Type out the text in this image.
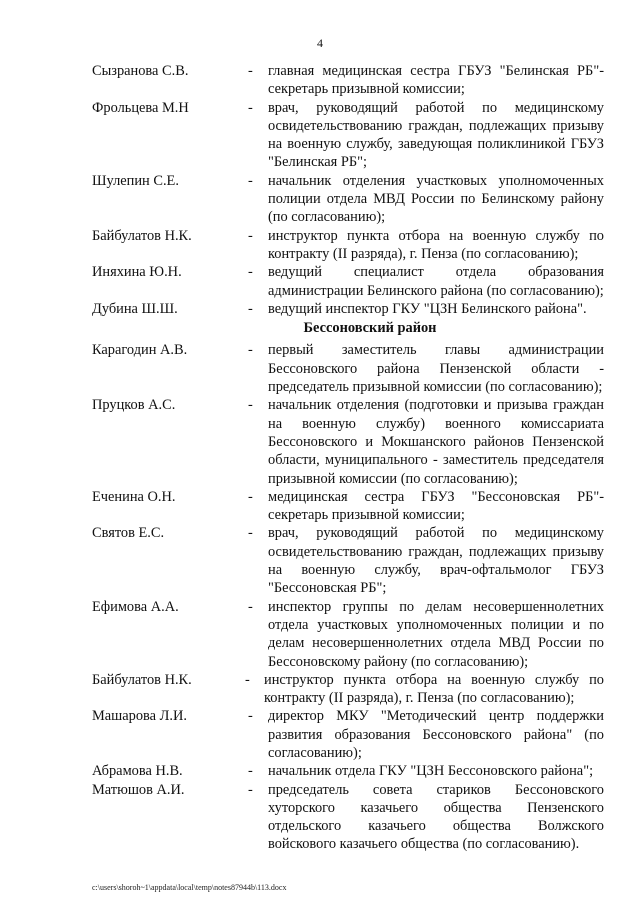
4
Сызранова С.В.	- главная медицинская сестра ГБУЗ "Белинская РБ"- секретарь призывной комиссии;
Фрольцева М.Н	- врач, руководящий работой по медицинскому освидетельствованию граждан, подлежащих призыву на военную службу, заведующая поликлиникой ГБУЗ "Белинская РБ";
Шулепин С.Е.	- начальник отделения участковых уполномоченных полиции отдела МВД России по Белинскому району (по согласованию);
Байбулатов Н.К.	- инструктор пункта отбора на военную службу по контракту (II разряда), г. Пенза (по согласованию);
Иняхина Ю.Н.	- ведущий специалист отдела образования администрации Белинского района (по согласованию);
Дубина Ш.Ш.	- ведущий инспектор ГКУ "ЦЗН Белинского района".
Бессоновский район
Карагодин А.В.	- первый заместитель главы администрации Бессоновского района Пензенской области - председатель призывной комиссии (по согласованию);
Пруцков А.С.	- начальник отделения (подготовки и призыва граждан на военную службу) военного комиссариата Бессоновского и Мокшанского районов Пензенской области, муниципального - заместитель председателя призывной комиссии (по согласованию);
Еченина О.Н.	- медицинская сестра ГБУЗ "Бессоновская РБ"- секретарь призывной комиссии;
Святов Е.С.	- врач, руководящий работой по медицинскому освидетельствованию граждан, подлежащих призыву на военную службу, врач-офтальмолог ГБУЗ "Бессоновская РБ";
Ефимова А.А.	- инспектор группы по делам несовершеннолетних отдела участковых уполномоченных полиции и по делам несовершеннолетних отдела МВД России по Бессоновскому району (по согласованию);
Байбулатов Н.К.	- инструктор пункта отбора на военную службу по контракту (II разряда), г. Пенза (по согласованию);
Машарова Л.И.	- директор МКУ "Методический центр поддержки развития образования Бессоновского района" (по согласованию);
Абрамова Н.В.	- начальник отдела ГКУ "ЦЗН Бессоновского района";
Матюшов А.И.	- председатель совета стариков Бессоновского хуторского казачьего общества Пензенского отдельского казачьего общества Волжского войскового казачьего общества (по согласованию).
c:\users\shoroh~1\appdata\local\temp\notes87944b\113.docx
